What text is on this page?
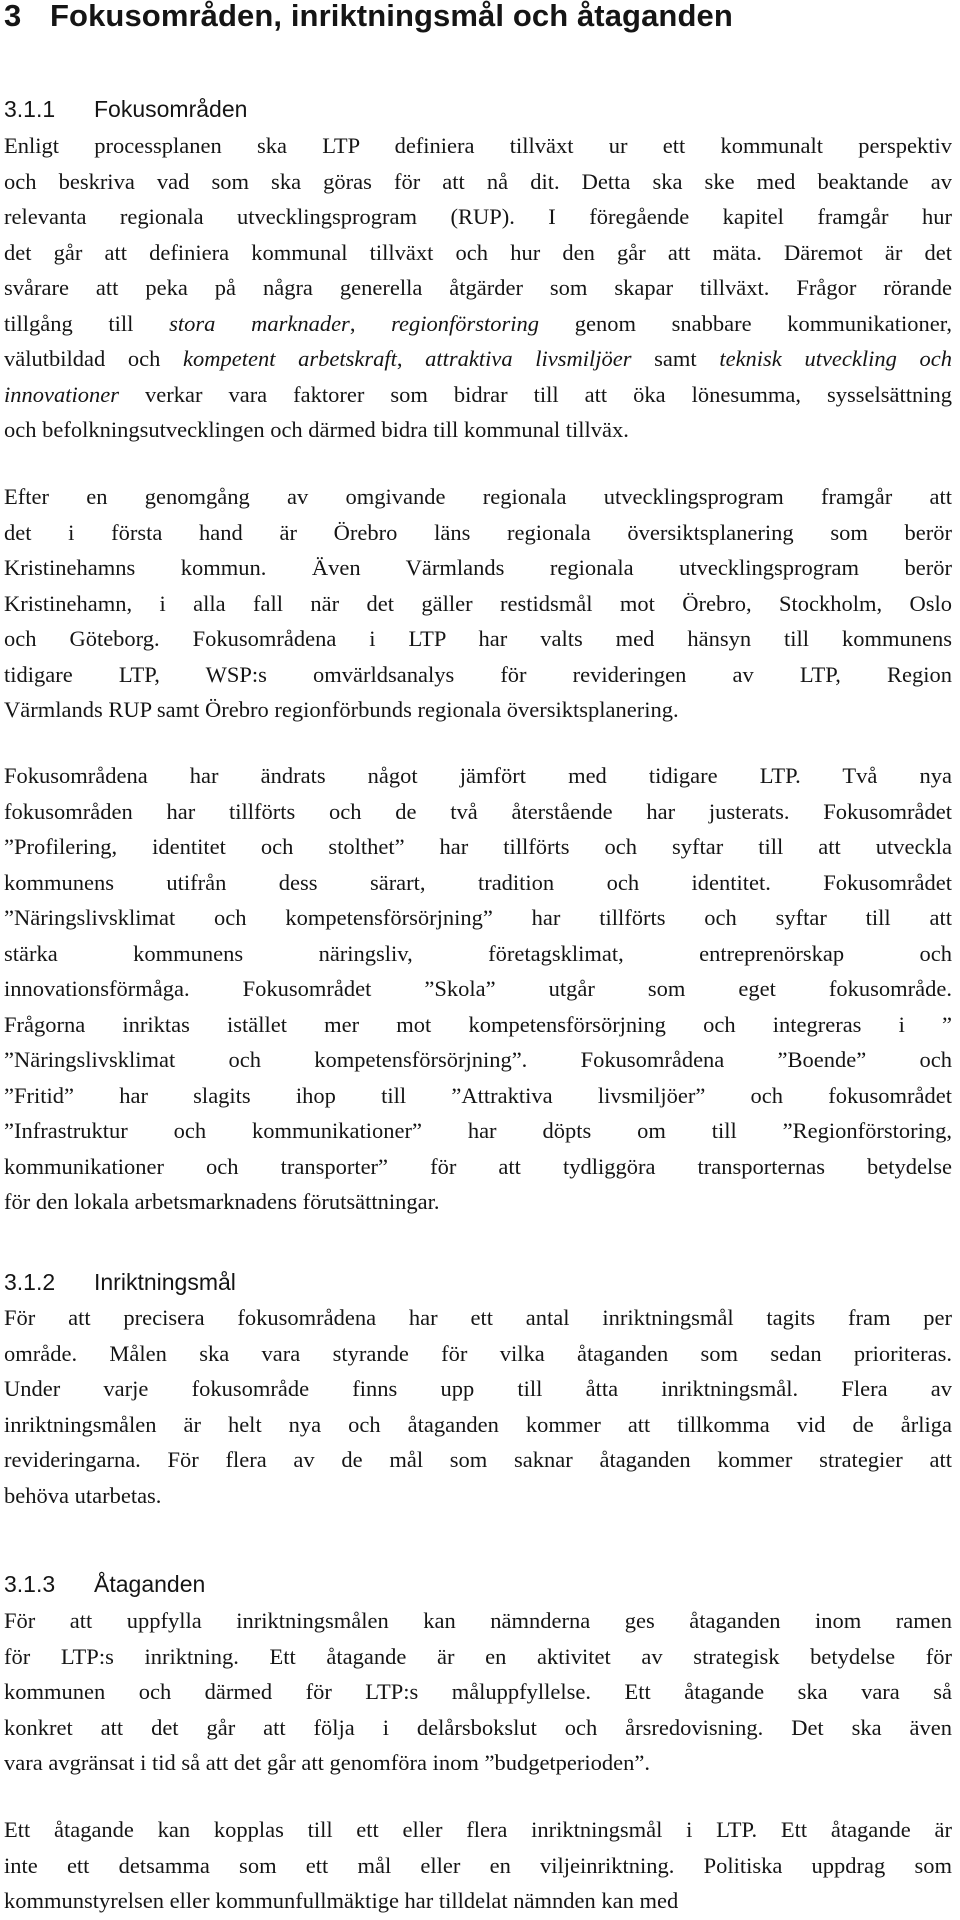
3 Fokusområden, inriktningsmål och åtaganden
3.1.1 Fokusområden
Enligt processplanen ska LTP definiera tillväxt ur ett kommunalt perspektiv
och beskriva vad som ska göras för att nå dit. Detta ska ske med beaktande av
relevanta regionala utvecklingsprogram (RUP). I föregående kapitel framgår hur
det går att definiera kommunal tillväxt och hur den går att mäta. Däremot är det
svårare att peka på några generella åtgärder som skapar tillväxt. Frågor rörande
tillgång till stora marknader, regionförstoring genom snabbare kommunikationer,
välutbildad och kompetent arbetskraft, attraktiva livsmiljöer samt teknisk utveckling och
innovationer verkar vara faktorer som bidrar till att öka lönesumma, sysselsättning
och befolkningsutvecklingen och därmed bidra till kommunal tillväx.
Efter en genomgång av omgivande regionala utvecklingsprogram framgår att
det i första hand är Örebro läns regionala översiktsplanering som berör
Kristinehamns kommun. Även Värmlands regionala utvecklingsprogram berör
Kristinehamn, i alla fall när det gäller restidsmål mot Örebro, Stockholm, Oslo
och Göteborg. Fokusområdena i LTP har valts med hänsyn till kommunens
tidigare LTP, WSP:s omvärldsanalys för revideringen av LTP, Region
Värmlands RUP samt Örebro regionförbunds regionala översiktsplanering.
Fokusområdena har ändrats något jämfört med tidigare LTP. Två nya
fokusområden har tillförts och de två återstående har justerats. Fokusområdet
”Profilering, identitet och stolthet” har tillförts och syftar till att utveckla
kommunens utifrån dess särart, tradition och identitet. Fokusområdet
”Näringslivsklimat och kompetensförsörjning” har tillförts och syftar till att
stärka kommunens näringsliv, företagsklimat, entreprenörskap och
innovationsförmåga. Fokusområdet ”Skola” utgår som eget fokusområde.
Frågorna inriktas istället mer mot kompetensförsörjning och integreras i ”
”Näringslivsklimat och kompetensförsörjning”. Fokusområdena ”Boende” och
”Fritid” har slagits ihop till ”Attraktiva livsmiljöer” och fokusområdet
”Infrastruktur och kommunikationer” har döpts om till ”Regionförstoring,
kommunikationer och transporter” för att tydliggöra transporternas betydelse
för den lokala arbetsmarknadens förutsättningar.
3.1.2 Inriktningsmål
För att precisera fokusområdena har ett antal inriktningsmål tagits fram per
område. Målen ska vara styrande för vilka åtaganden som sedan prioriteras.
Under varje fokusområde finns upp till åtta inriktningsmål. Flera av
inriktningsmålen är helt nya och åtaganden kommer att tillkomma vid de årliga
revideringarna. För flera av de mål som saknar åtaganden kommer strategier att
behöva utarbetas.
3.1.3 Åtaganden
För att uppfylla inriktningsmålen kan nämnderna ges åtaganden inom ramen
för LTP:s inriktning. Ett åtagande är en aktivitet av strategisk betydelse för
kommunen och därmed för LTP:s måluppfyllelse. Ett åtagande ska vara så
konkret att det går att följa i delårsbokslut och årsredovisning. Det ska även
vara avgränsat i tid så att det går att genomföra inom ”budgetperioden”.
Ett åtagande kan kopplas till ett eller flera inriktningsmål i LTP. Ett åtagande är
inte ett detsamma som ett mål eller en viljeinriktning. Politiska uppdrag som
kommunstyrelsen eller kommunfullmäktige har tilldelat nämnden kan med
